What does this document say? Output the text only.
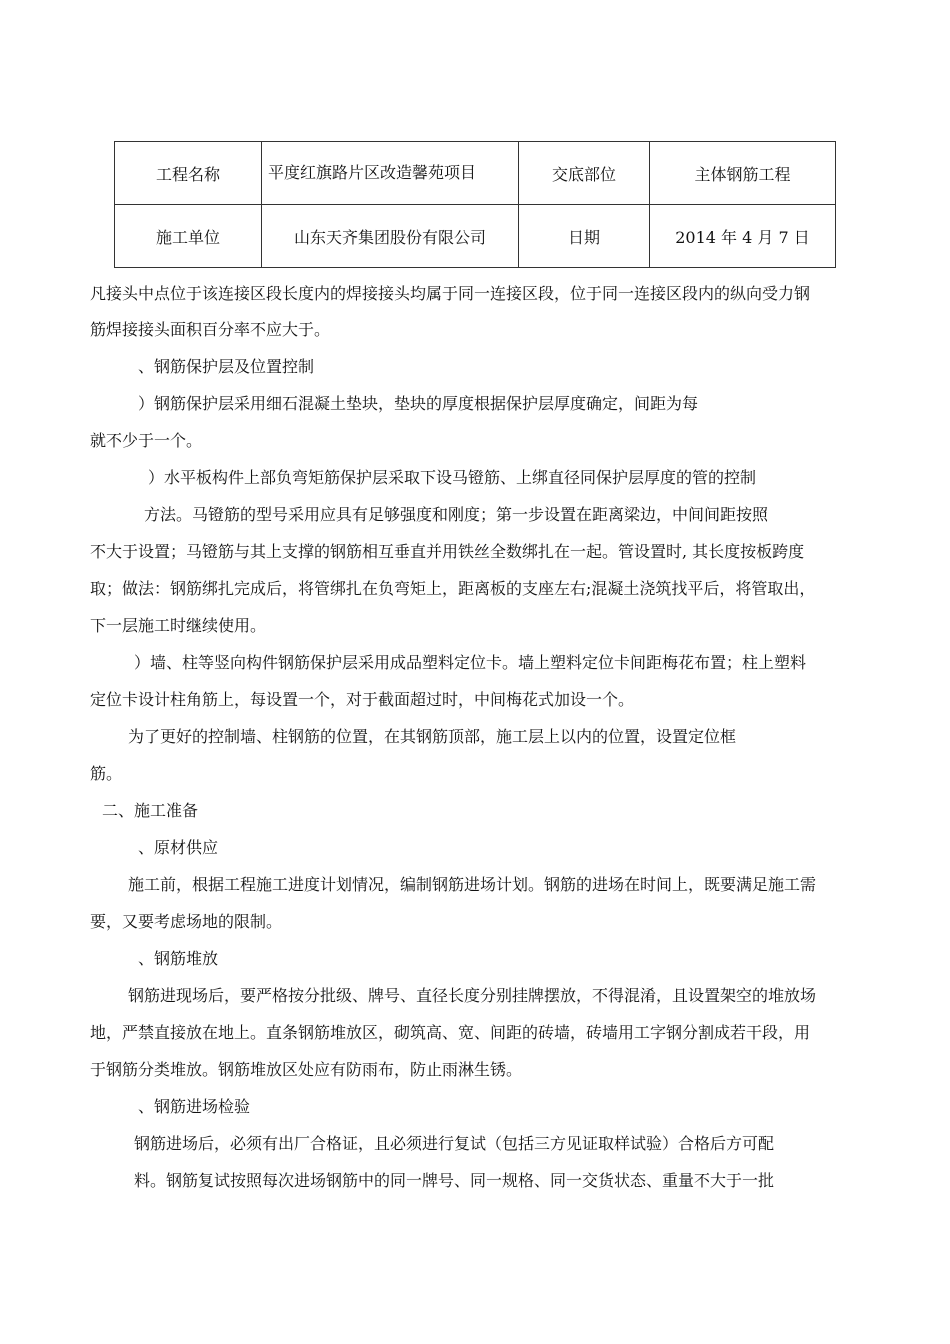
工程名称	平度红旗路片区改造馨苑项目	交底部位	主体钢筋工程
施工单位	山东天齐集团股份有限公司	日期	2014 年 4 月 7 日
凡接头中点位于该连接区段长度内的焊接接头均属于同一连接区段，位于同一连接区段内的纵向受力钢
筋焊接接头面积百分率不应大于。
、钢筋保护层及位置控制
）钢筋保护层采用细石混凝土垫块，垫块的厚度根据保护层厚度确定，间距为每
就不少于一个。
）水平板构件上部负弯矩筋保护层采取下设马镫筋、上绑直径同保护层厚度的管的控制
方法。马镫筋的型号采用应具有足够强度和刚度；第一步设置在距离梁边，中间间距按照
不大于设置；马镫筋与其上支撑的钢筋相互垂直并用铁丝全数绑扎在一起。管设置时, 其长度按板跨度
取；做法：钢筋绑扎完成后，将管绑扎在负弯矩上，距离板的支座左右;混凝土浇筑找平后，将管取出，
下一层施工时继续使用。
）墙、柱等竖向构件钢筋保护层采用成品塑料定位卡。墙上塑料定位卡间距梅花布置；柱上塑料
定位卡设计柱角筋上，每设置一个，对于截面超过时，中间梅花式加设一个。
为了更好的控制墙、柱钢筋的位置，在其钢筋顶部，施工层上以内的位置，设置定位框
筋。
二、施工准备
、原材供应
施工前，根据工程施工进度计划情况，编制钢筋进场计划。钢筋的进场在时间上，既要满足施工需
要，又要考虑场地的限制。
、钢筋堆放
钢筋进现场后，要严格按分批级、牌号、直径长度分别挂牌摆放，不得混淆，且设置架空的堆放场
地，严禁直接放在地上。直条钢筋堆放区，砌筑高、宽、间距的砖墙，砖墙用工字钢分割成若干段，用
于钢筋分类堆放。钢筋堆放区处应有防雨布，防止雨淋生锈。
、钢筋进场检验
钢筋进场后，必须有出厂合格证，且必须进行复试（包括三方见证取样试验）合格后方可配
料。钢筋复试按照每次进场钢筋中的同一牌号、同一规格、同一交货状态、重量不大于一批
